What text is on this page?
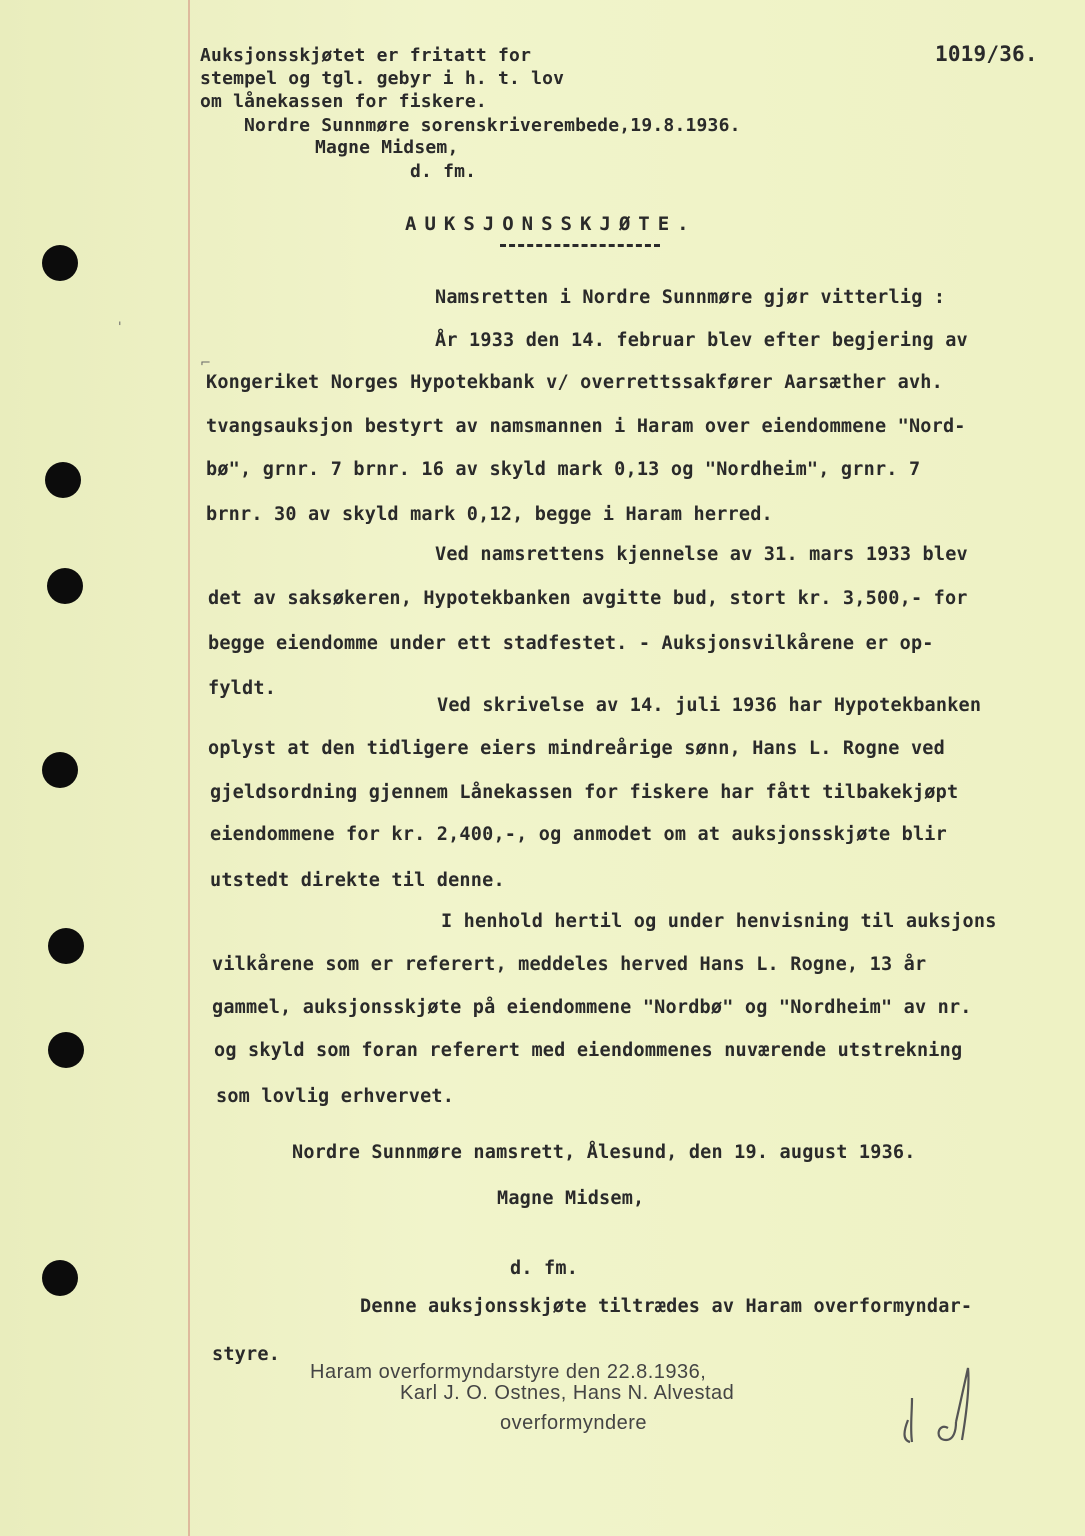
Auksjonsskjøtet er fritatt for
stempel og tgl. gebyr i h. t. lov
om lånekassen for fiskere.
Nordre Sunnmøre sorenskriverembede,19.8.1936.
Magne Midsem,
d. fm.
1019/36.
AUKSJONSSKJØTE.
Namsretten i Nordre Sunnmøre gjør vitterlig :
År 1933 den 14. februar blev efter begjering av
Kongeriket Norges Hypotekbank v/ overrettssakfører Aarsæther avh.
tvangsauksjon bestyrt av namsmannen i Haram over eiendommene "Nord-
bø", grnr. 7 brnr. 16 av skyld mark 0,13 og "Nordheim", grnr. 7
brnr. 30 av skyld mark 0,12, begge i Haram herred.
Ved namsrettens kjennelse av 31. mars 1933 blev
det av saksøkeren, Hypotekbanken avgitte bud, stort kr. 3,500,- for
begge eiendomme under ett stadfestet. - Auksjonsvilkårene er op-
fyldt.
Ved skrivelse av 14. juli 1936 har Hypotekbanken
oplyst at den tidligere eiers mindreårige sønn, Hans L. Rogne ved
gjeldsordning gjennem Lånekassen for fiskere har fått tilbakekjøpt
eiendommene for kr. 2,400,-, og anmodet om at auksjonsskjøte blir
utstedt direkte til denne.
I henhold hertil og under henvisning til auksjons
vilkårene som er referert, meddeles herved Hans L. Rogne, 13 år
gammel, auksjonsskjøte på eiendommene "Nordbø" og "Nordheim" av nr.
og skyld som foran referert med eiendommenes nuværende utstrekning
som lovlig erhvervet.
Nordre Sunnmøre namsrett, Ålesund, den 19. august 1936.
Magne Midsem,
d. fm.
Denne auksjonsskjøte tiltrædes av Haram overformyndar-
styre.
Haram overformyndarstyre den 22.8.1936,
Karl J. O. Ostnes, Hans N. Alvestad
overformyndere
'
⌐
